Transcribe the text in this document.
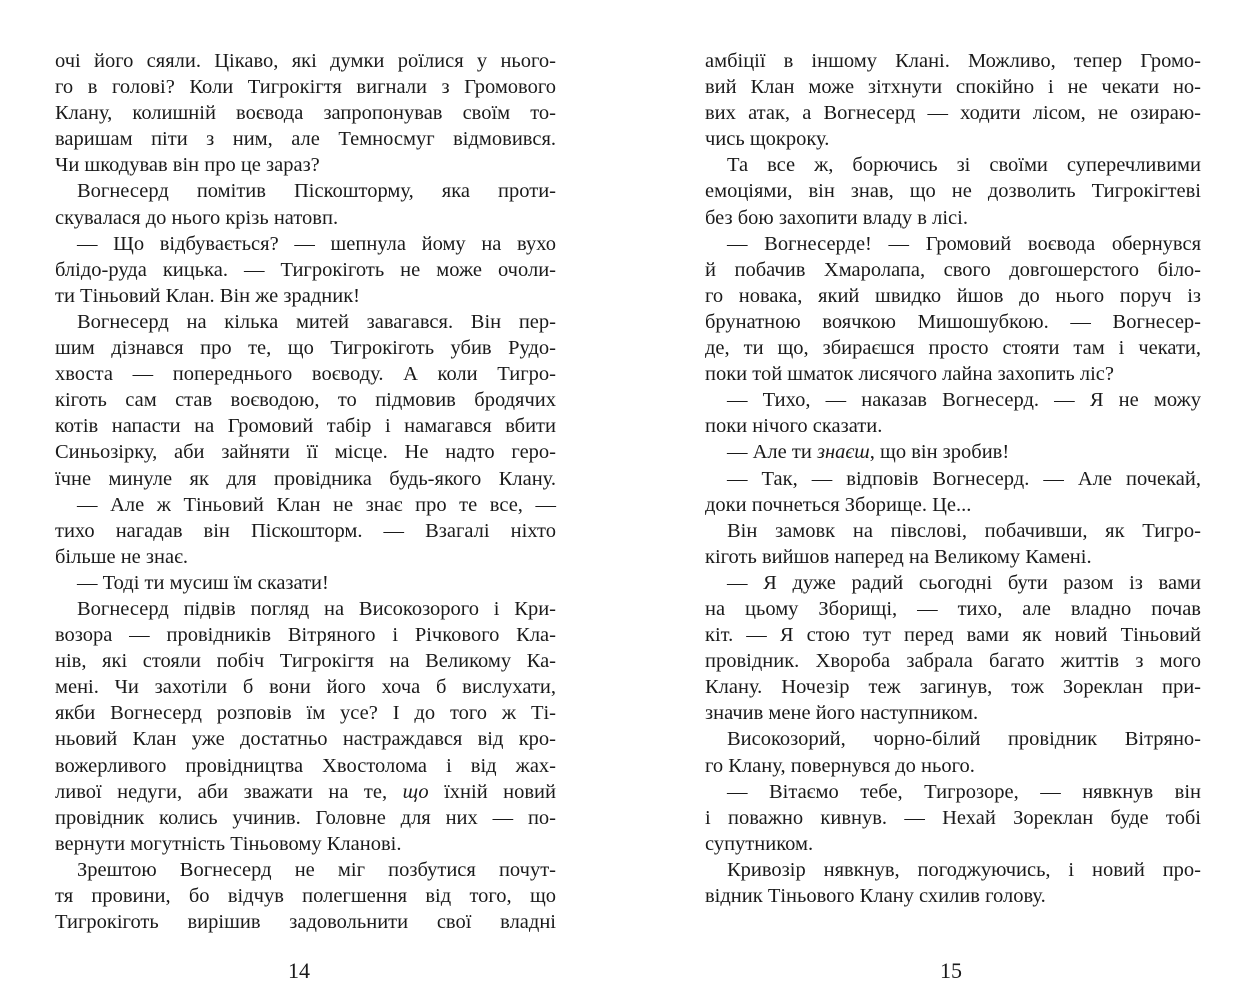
очі його сяяли. Цікаво, які думки роїлися у нього-
го в голові? Коли Тигрокігтя вигнали з Громового
Клану, колишній воєвода запропонував своїм то-
варишам піти з ним, але Темносмуг відмовився.
Чи шкодував він про це зараз?
Вогнесерд помітив Піскошторму, яка проти-
скувалася до нього крізь натовп.
— Що відбувається? — шепнула йому на вухо
блідо-руда кицька. — Тигрокіготь не може очоли-
ти Тіньовий Клан. Він же зрадник!
Вогнесерд на кілька митей завагався. Він пер-
шим дізнався про те, що Тигрокіготь убив Рудо-
хвоста — попереднього воєводу. А коли Тигро-
кіготь сам став воєводою, то підмовив бродячих
котів напасти на Громовий табір і намагався вбити
Синьозірку, аби зайняти її місце. Не надто геро-
їчне минуле як для провідника будь-якого Клану.
— Але ж Тіньовий Клан не знає про те все, —
тихо нагадав він Піскошторм. — Взагалі ніхто
більше не знає.
— Тоді ти мусиш їм сказати!
Вогнесерд підвів погляд на Високозорого і Кри-
возора — провідників Вітряного і Річкового Кла-
нів, які стояли побіч Тигрокігтя на Великому Ка-
мені. Чи захотіли б вони його хоча б вислухати,
якби Вогнесерд розповів їм усе? І до того ж Ті-
ньовий Клан уже достатньо настраждався від кро-
вожерливого провідництва Хвостолома і від жах-
ливої недуги, аби зважати на те, що їхній новий
провідник колись учинив. Головне для них — по-
вернути могутність Тіньовому Кланові.
Зрештою Вогнесерд не міг позбутися почут-
тя провини, бо відчув полегшення від того, що
Тигрокіготь вирішив задовольнити свої владні
14
амбіції в іншому Клані. Можливо, тепер Громо-
вий Клан може зітхнути спокійно і не чекати но-
вих атак, а Вогнесерд — ходити лісом, не озираю-
чись щокроку.
Та все ж, борючись зі своїми суперечливими
емоціями, він знав, що не дозволить Тигрокігтеві
без бою захопити владу в лісі.
— Вогнесерде! — Громовий воєвода обернувся
й побачив Хмаролапа, свого довгошерстого біло-
го новака, який швидко йшов до нього поруч із
брунатною воячкою Мишошубкою. — Вогнесер-
де, ти що, збираєшся просто стояти там і чекати,
поки той шматок лисячого лайна захопить ліс?
— Тихо, — наказав Вогнесерд. — Я не можу
поки нічого сказати.
— Але ти знаєш, що він зробив!
— Так, — відповів Вогнесерд. — Але почекай,
доки почнеться Зборище. Це...
Він замовк на півслові, побачивши, як Тигро-
кіготь вийшов наперед на Великому Камені.
— Я дуже радий сьогодні бути разом із вами
на цьому Зборищі, — тихо, але владно почав
кіт. — Я стою тут перед вами як новий Тіньовий
провідник. Хвороба забрала багато життів з мого
Клану. Ночезір теж загинув, тож Зореклан при-
значив мене його наступником.
Високозорий, чорно-білий провідник Вітряно-
го Клану, повернувся до нього.
— Вітаємо тебе, Тигрозоре, — нявкнув він
і поважно кивнув. — Нехай Зореклан буде тобі
супутником.
Кривозір нявкнув, погоджуючись, і новий про-
відник Тіньового Клану схилив голову.
15
